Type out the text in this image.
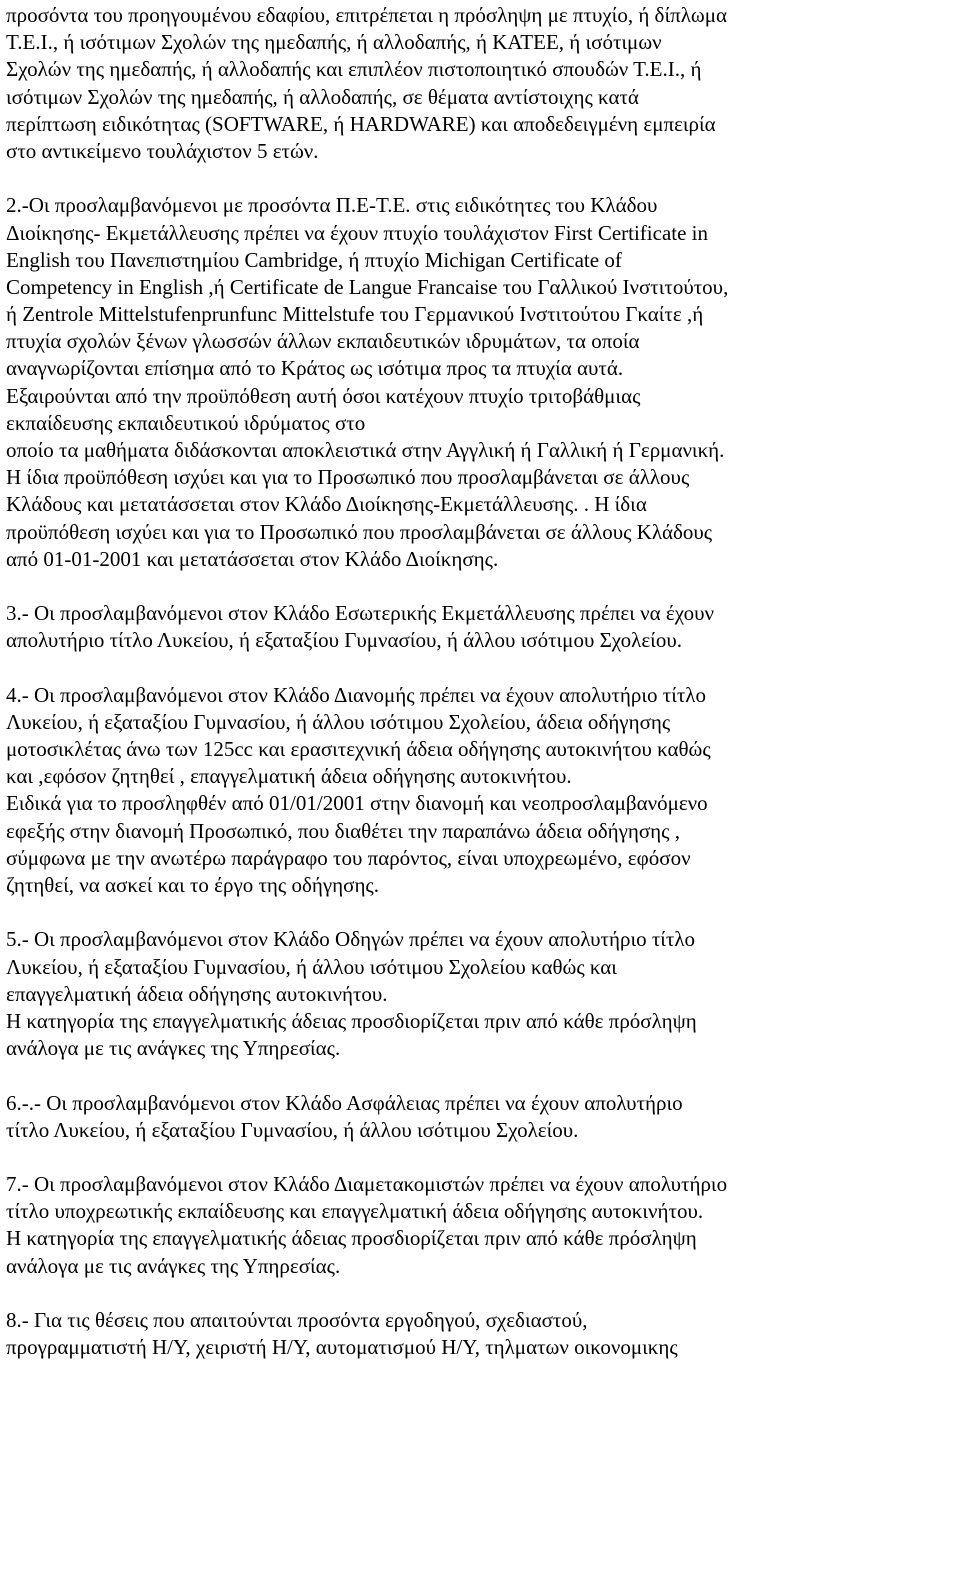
προσόντα του προηγουμένου εδαφίου, επιτρέπεται η πρόσληψη με πτυχίο, ή δίπλωμα
Τ.Ε.Ι., ή ισότιμων Σχολών της ημεδαπής, ή αλλοδαπής, ή ΚΑΤΕΕ, ή ισότιμων
Σχολών της ημεδαπής, ή αλλοδαπής και επιπλέον πιστοποιητικό σπουδών Τ.Ε.Ι., ή
ισότιμων Σχολών της ημεδαπής, ή αλλοδαπής, σε θέματα αντίστοιχης κατά
περίπτωση ειδικότητας (SOFTWARE, ή HARDWARE) και αποδεδειγμένη εμπειρία
στο αντικείμενο τουλάχιστον 5 ετών.
2.-Οι προσλαμβανόμενοι με προσόντα Π.Ε-Τ.Ε. στις ειδικότητες του Κλάδου
Διοίκησης- Εκμετάλλευσης πρέπει να έχουν πτυχίο τουλάχιστον First Certificate in
English του Πανεπιστημίου Cambridge, ή πτυχίο Michigan Certificate of
Competency in English ,ή Certificate de Langue Francaise του Γαλλικού Ινστιτούτου,
ή Zentrole Mittelstufenprunfunc Mittelstufe του Γερμανικού Ινστιτούτου Γκαίτε ,ή
πτυχία σχολών ξένων γλωσσών άλλων εκπαιδευτικών ιδρυμάτων, τα οποία
αναγνωρίζονται επίσημα από το Κράτος ως ισότιμα προς τα πτυχία αυτά.
Εξαιρούνται από την προϋπόθεση αυτή όσοι κατέχουν πτυχίο τριτοβάθμιας
εκπαίδευσης εκπαιδευτικού ιδρύματος στο
οποίο τα μαθήματα διδάσκονται αποκλειστικά στην Αγγλική ή Γαλλική ή Γερμανική.
Η ίδια προϋπόθεση ισχύει και για το Προσωπικό που προσλαμβάνεται σε άλλους
Κλάδους και μετατάσσεται στον Κλάδο Διοίκησης-Εκμετάλλευσης. . Η ίδια
προϋπόθεση ισχύει και για το Προσωπικό που προσλαμβάνεται σε άλλους Κλάδους
από 01-01-2001 και μετατάσσεται στον Κλάδο Διοίκησης.
3.- Οι προσλαμβανόμενοι στον Κλάδο Εσωτερικής Εκμετάλλευσης πρέπει να έχουν
απολυτήριο τίτλο Λυκείου, ή εξαταξίου Γυμνασίου, ή άλλου ισότιμου Σχολείου.
4.- Οι προσλαμβανόμενοι στον Κλάδο Διανομής πρέπει να έχουν απολυτήριο τίτλο
Λυκείου, ή εξαταξίου Γυμνασίου, ή άλλου ισότιμου Σχολείου, άδεια οδήγησης
μοτοσικλέτας άνω των 125cc και ερασιτεχνική άδεια οδήγησης αυτοκινήτου καθώς
και ,εφόσον ζητηθεί , επαγγελματική άδεια οδήγησης αυτοκινήτου.
Ειδικά για το προσληφθέν από 01/01/2001 στην διανομή και νεοπροσλαμβανόμενο
εφεξής στην διανομή Προσωπικό, που διαθέτει την παραπάνω άδεια οδήγησης ,
σύμφωνα με την ανωτέρω παράγραφο του παρόντος, είναι υποχρεωμένο, εφόσον
ζητηθεί, να ασκεί και το έργο της οδήγησης.
5.- Οι προσλαμβανόμενοι στον Κλάδο Οδηγών πρέπει να έχουν απολυτήριο τίτλο
Λυκείου, ή εξαταξίου Γυμνασίου, ή άλλου ισότιμου Σχολείου καθώς και
επαγγελματική άδεια οδήγησης αυτοκινήτου.
Η κατηγορία της επαγγελματικής άδειας προσδιορίζεται πριν από κάθε πρόσληψη
ανάλογα με τις ανάγκες της Υπηρεσίας.
6.-.- Οι προσλαμβανόμενοι στον Κλάδο Ασφάλειας πρέπει να έχουν απολυτήριο
τίτλο Λυκείου, ή εξαταξίου Γυμνασίου, ή άλλου ισότιμου Σχολείου.
7.- Οι προσλαμβανόμενοι στον Κλάδο Διαμετακομιστών πρέπει να έχουν απολυτήριο
τίτλο υποχρεωτικής εκπαίδευσης και επαγγελματική άδεια οδήγησης αυτοκινήτου.
Η κατηγορία της επαγγελματικής άδειας προσδιορίζεται πριν από κάθε πρόσληψη
ανάλογα με τις ανάγκες της Υπηρεσίας.
8.- Για τις θέσεις που απαιτούνται προσόντα εργοδηγού, σχεδιαστού,
προγραμματιστή Η/Υ, χειριστή Η/Υ, αυτοματισμού Η/Υ, τηλματων οικονομικης
